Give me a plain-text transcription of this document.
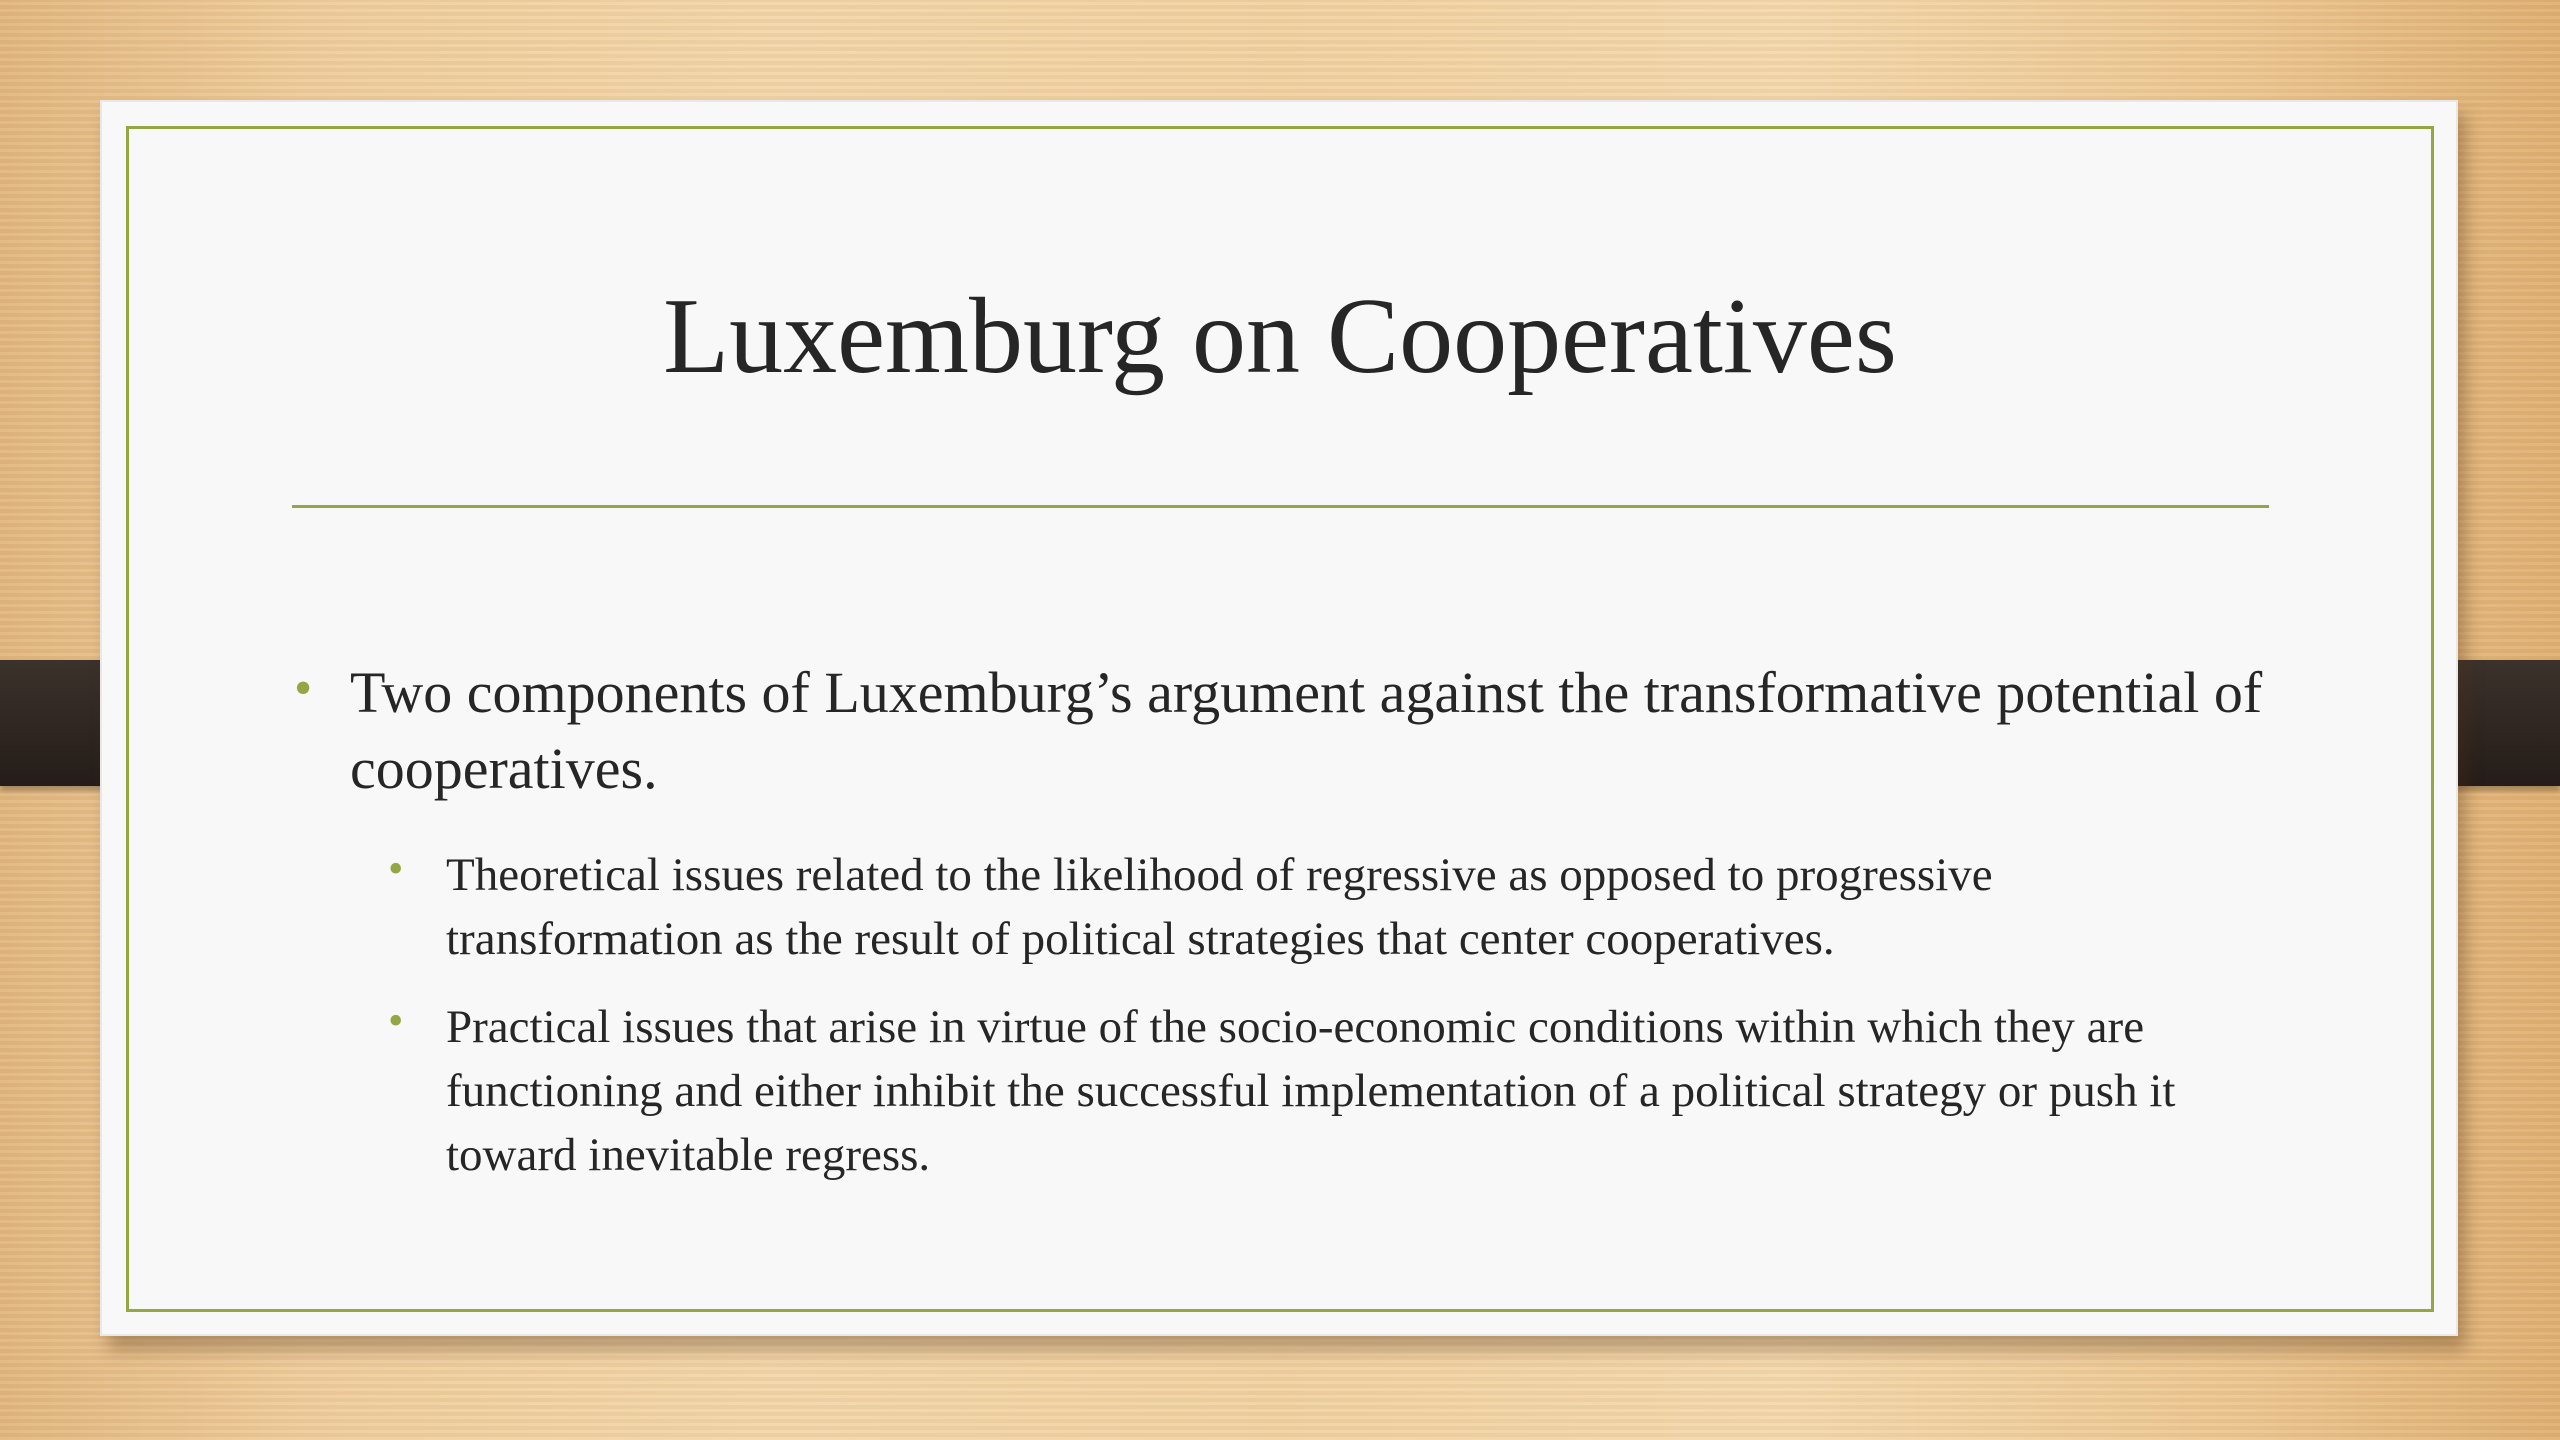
Luxemburg on Cooperatives
• Two components of Luxemburg’s argument against the transformative potential of cooperatives.
• Theoretical issues related to the likelihood of regressive as opposed to progressive transformation as the result of political strategies that center cooperatives.
• Practical issues that arise in virtue of the socio-economic conditions within which they are functioning and either inhibit the successful implementation of a political strategy or push it toward inevitable regress.
